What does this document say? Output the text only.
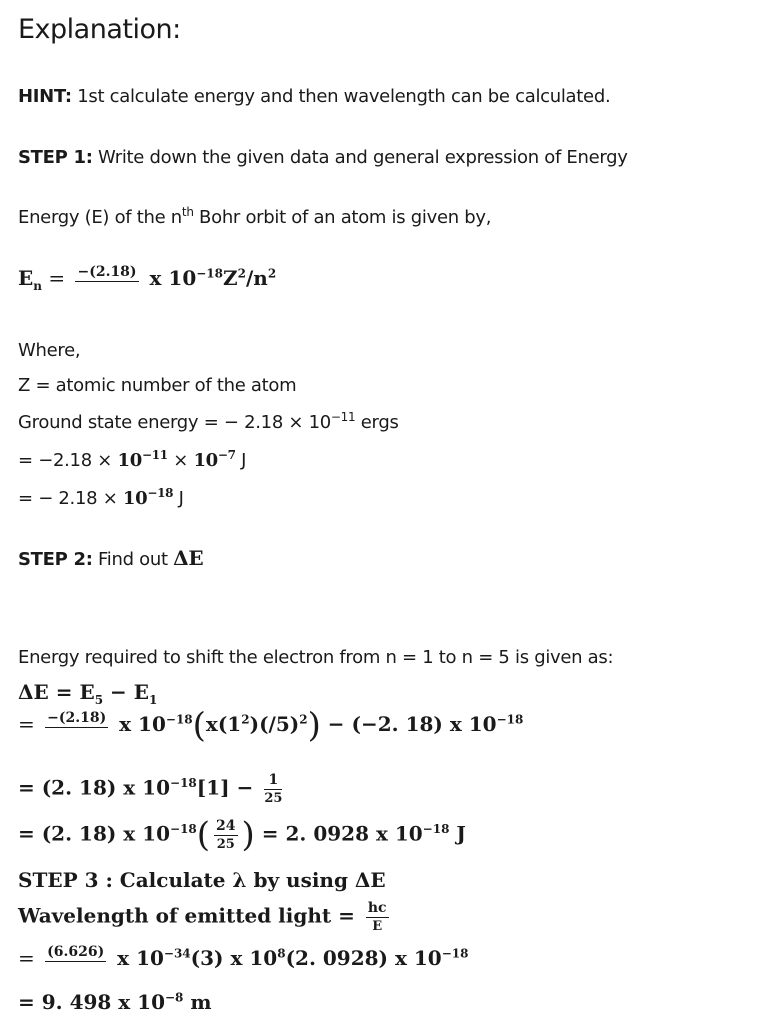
Explanation:
HINT: 1st calculate energy and then wavelength can be calculated.
STEP 1: Write down the given data and general expression of Energy
Energy (E) of the $n^{th}$ Bohr orbit of an atom is given by,
$E_n = -(2.18)$ x $10^{-18}Z^2/n^2$
Where,
Z = atomic number of the atom
Ground state energy = − $2.18 \times 10^{-11}$ ergs
= $-2.18 \times 10^{-11} \times 10^{-7}$ J
= − $2.18 \times 10^{-18}$ J
STEP 2: Find out ΔE
Energy required to shift the electron from n = 1 to n = 5 is given as:
$\Delta E = E_5 - E_1$
= −(2.18) x $10^{-18}(x(1^2)(/5)^2) - (-2$. 18) x $10^{-18}$
= (2. 18) x $10^{-18}[1] - \frac{1}{25}$
= (2. 18) x $10^{-18}( \frac{24}{25}$ ) = 2. 0928 x $10^{-18}$ J
STEP 3 : Calculate λ by using ΔE
Wavelength of emitted light = $\frac{hc}{E}$
= (6.626) x $10^{-34}(3)$ x $10^8(2$. 0928) x $10^{-18}$
= 9. 498 x $10^{-8}$ m
